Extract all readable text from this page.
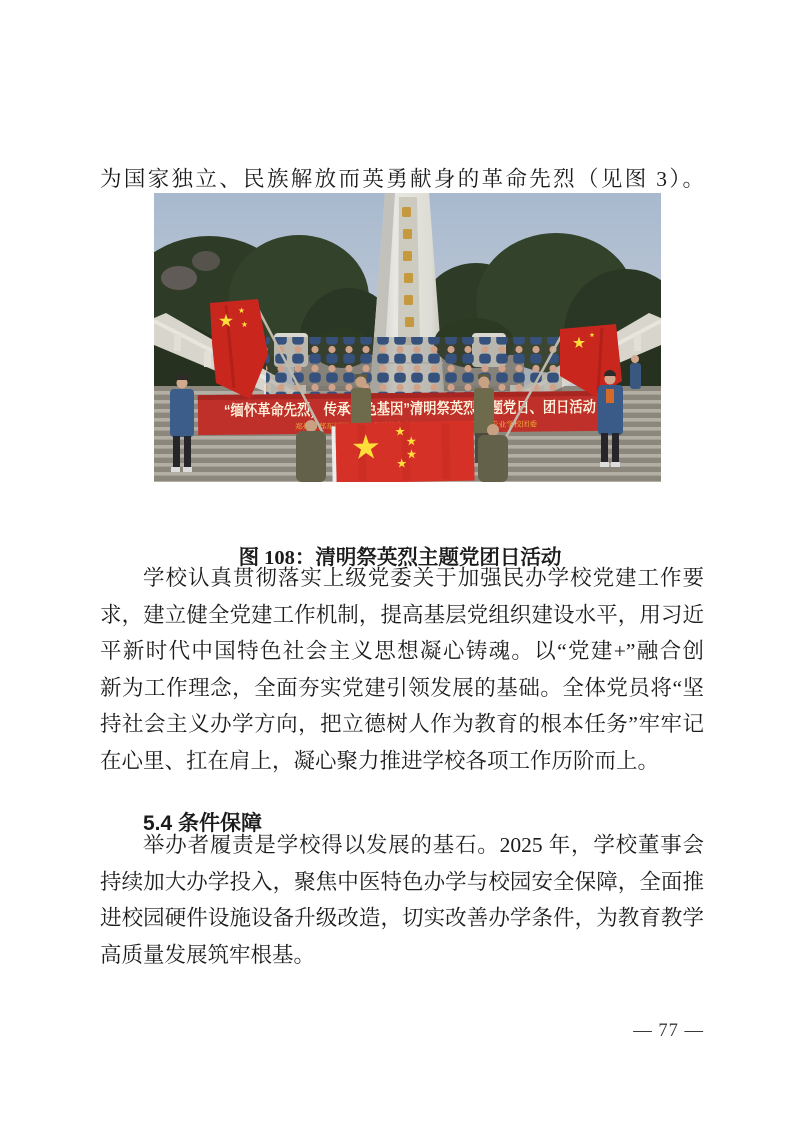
为国家独立、民族解放而英勇献身的革命先烈（见图 3）。

“缅怀革命先烈，传承红色基因”清明祭英烈主题党日、团日活动

图 108：清明祭英烈主题党团日活动

学校认真贯彻落实上级党委关于加强民办学校党建工作要
求，建立健全党建工作机制，提高基层党组织建设水平，用习近
平新时代中国特色社会主义思想凝心铸魂。以“党建+”融合创
新为工作理念，全面夯实党建引领发展的基础。全体党员将“坚
持社会主义办学方向，把立德树人作为教育的根本任务”牢牢记
在心里、扛在肩上，凝心聚力推进学校各项工作历阶而上。
5.4 条件保障
举办者履责是学校得以发展的基石。2025 年，学校董事会
持续加大办学投入，聚焦中医特色办学与校园安全保障，全面推
进校园硬件设施设备升级改造，切实改善办学条件，为教育教学
高质量发展筑牢根基。
— 77 —
